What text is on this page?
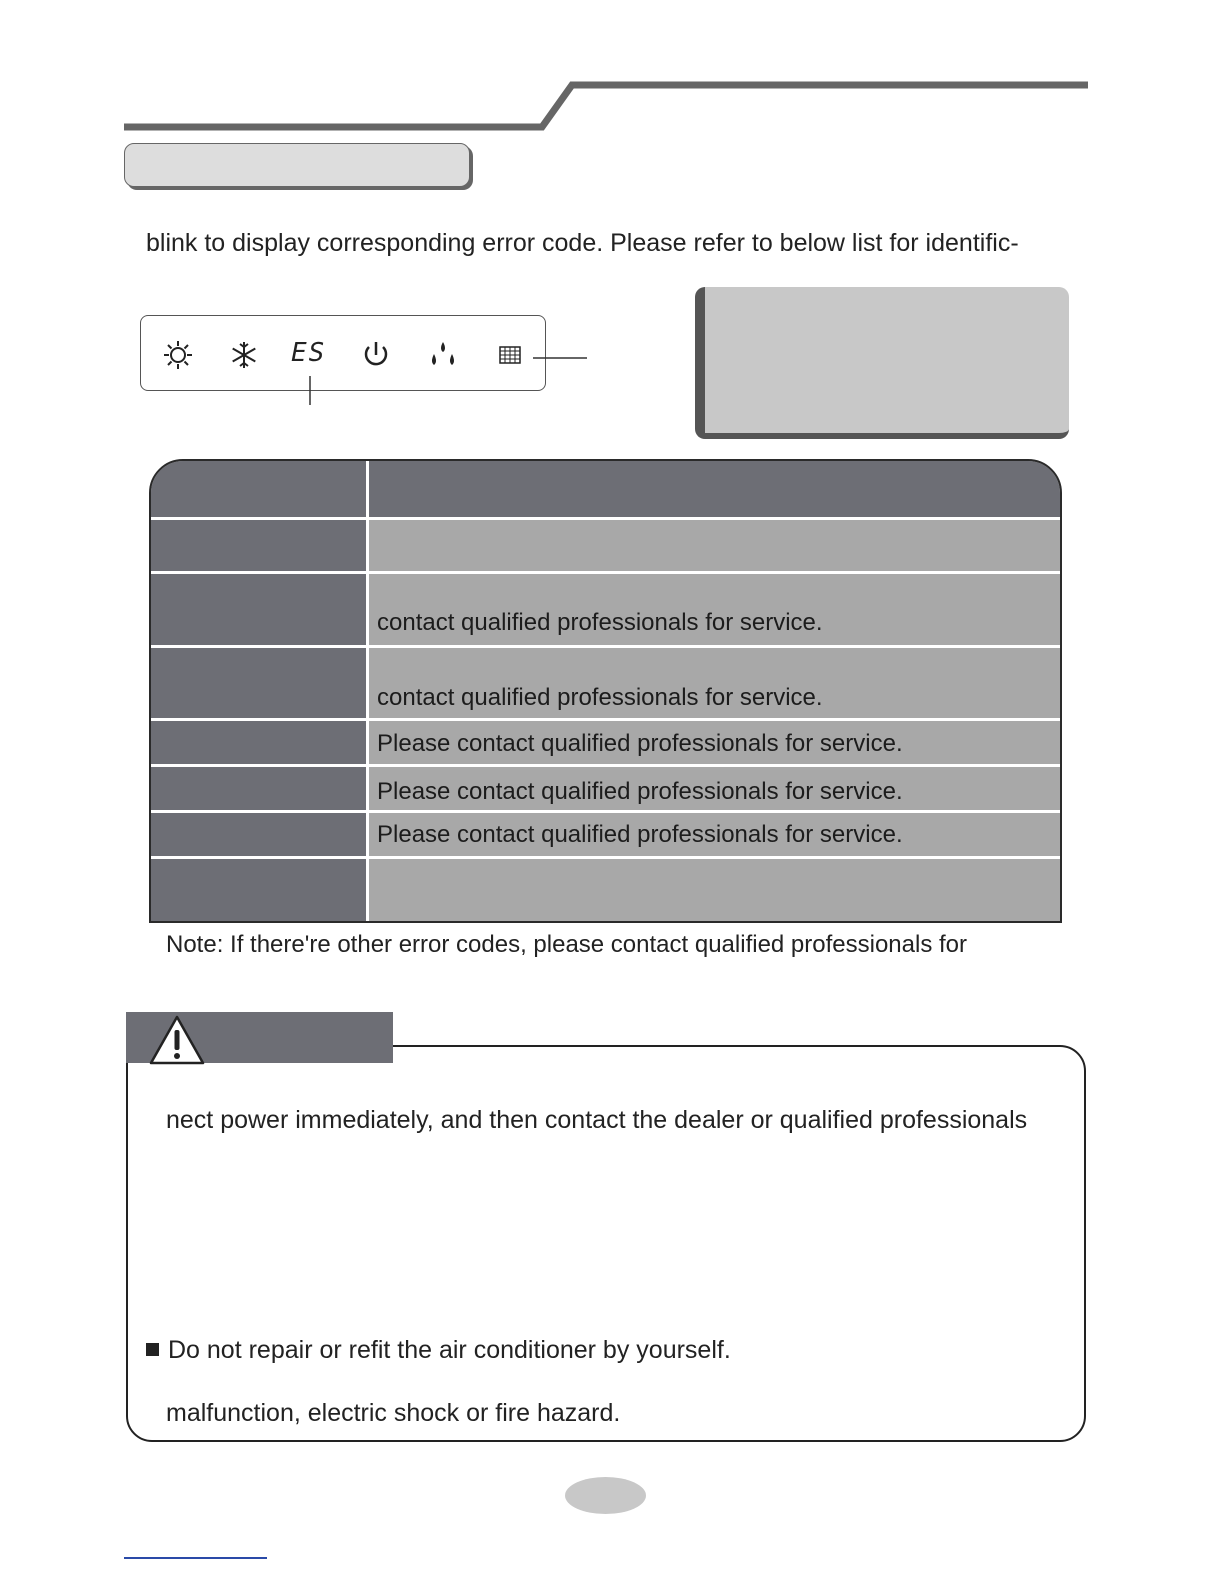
blink to display corresponding error code. Please refer to below list for identific-
ES
contact qualified professionals for service.
contact qualified professionals for service.
Please contact qualified professionals for service.
Please contact qualified professionals for service.
Please contact qualified professionals for service.
Note: If there're other error codes, please contact qualified professionals for
nect power immediately, and then contact the dealer or qualified professionals
Do not repair or refit the air conditioner by yourself.
malfunction, electric shock or fire hazard.
